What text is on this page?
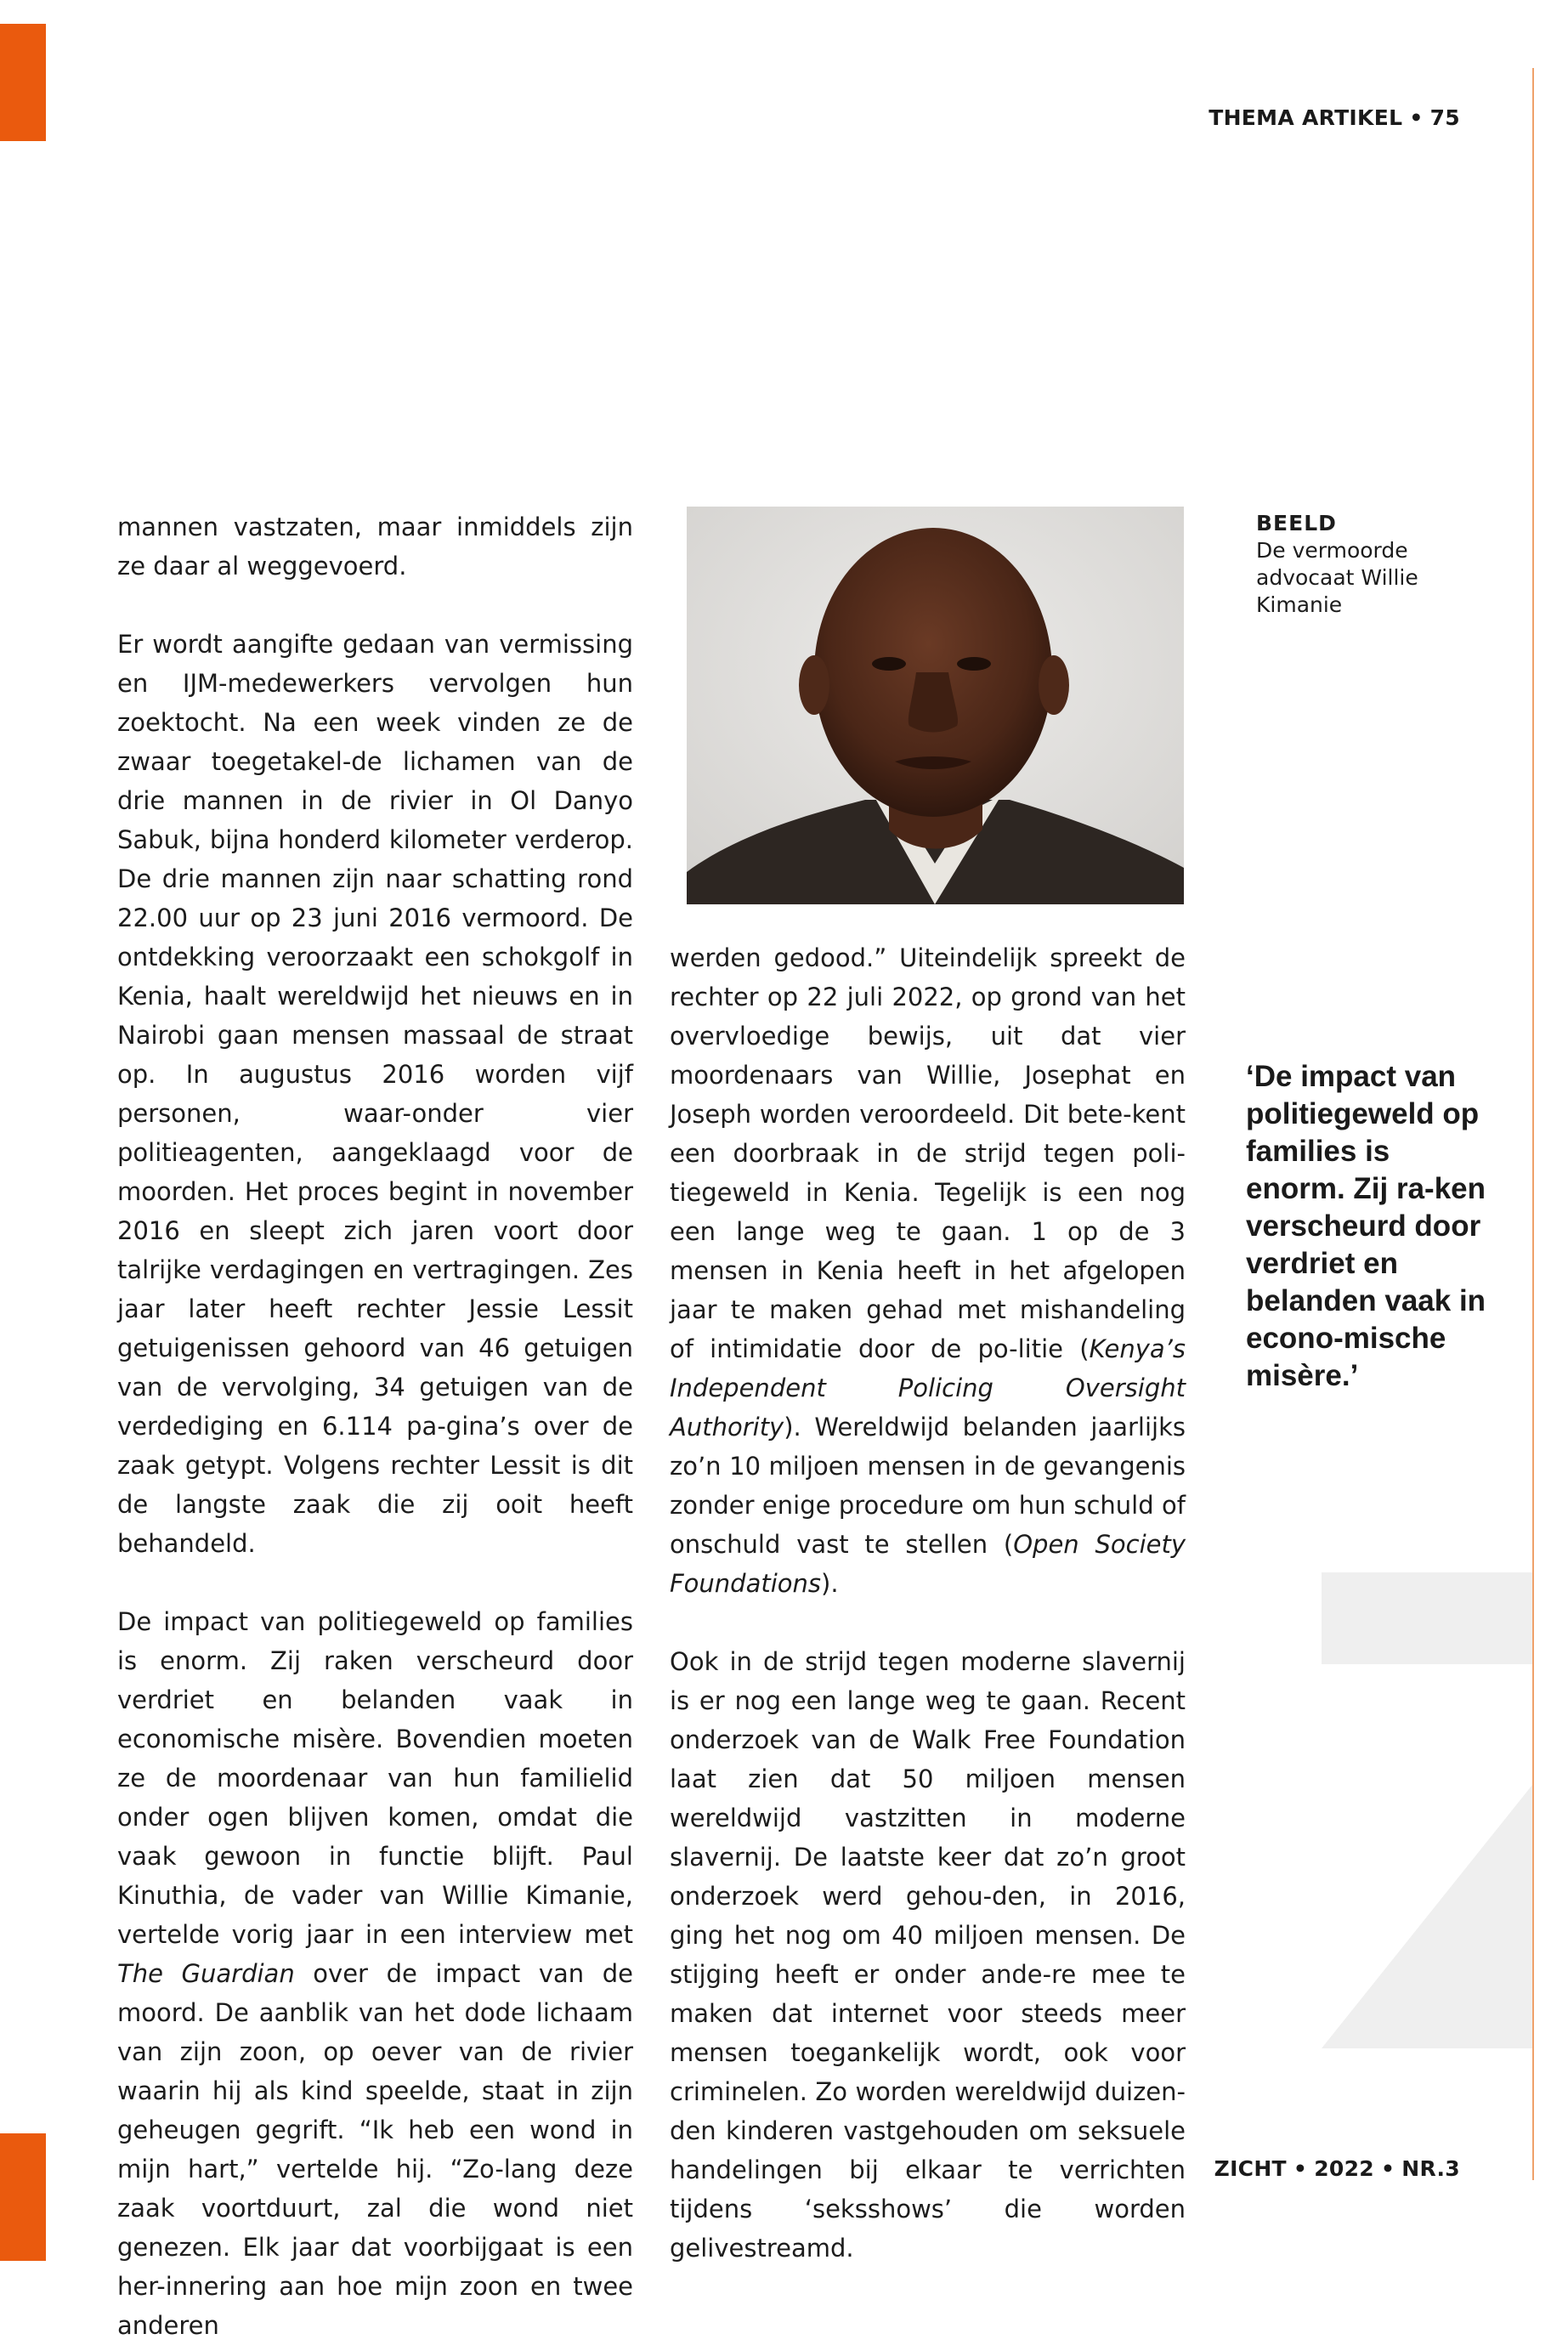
THEMA ARTIKEL • 75

mannen vastzaten, maar inmiddels zijn ze daar al weggevoerd.

Er wordt aangifte gedaan van vermissing en IJM-medewerkers vervolgen hun zoektocht. Na een week vinden ze de zwaar toegetakel-de lichamen van de drie mannen in de rivier in Ol Danyo Sabuk, bijna honderd kilometer verderop. De drie mannen zijn naar schatting rond 22.00 uur op 23 juni 2016 vermoord. De ontdekking veroorzaakt een schokgolf in Kenia, haalt wereldwijd het nieuws en in Nairobi gaan mensen massaal de straat op. In augustus 2016 worden vijf personen, waar-onder vier politieagenten, aangeklaagd voor de moorden. Het proces begint in november 2016 en sleept zich jaren voort door talrijke verdagingen en vertragingen. Zes jaar later heeft rechter Jessie Lessit getuigenissen gehoord van 46 getuigen van de vervolging, 34 getuigen van de verdediging en 6.114 pa-gina’s over de zaak getypt. Volgens rechter Lessit is dit de langste zaak die zij ooit heeft behandeld.

De impact van politiegeweld op families is enorm. Zij raken verscheurd door verdriet en belanden vaak in economische misère. Bovendien moeten ze de moordenaar van hun familielid onder ogen blijven komen, omdat die vaak gewoon in functie blijft. Paul Kinuthia, de vader van Willie Kimanie, vertelde vorig jaar in een interview met The Guardian over de impact van de moord. De aanblik van het dode lichaam van zijn zoon, op oever van de rivier waarin hij als kind speelde, staat in zijn geheugen gegrift. “Ik heb een wond in mijn hart,” vertelde hij. “Zo-lang deze zaak voortduurt, zal die wond niet genezen. Elk jaar dat voorbijgaat is een her-innering aan hoe mijn zoon en twee anderen

BEELD
De vermoorde advocaat Willie Kimanie

werden gedood.” Uiteindelijk spreekt de rechter op 22 juli 2022, op grond van het overvloedige bewijs, uit dat vier moordenaars van Willie, Josephat en Joseph worden veroordeeld. Dit bete-kent een doorbraak in de strijd tegen poli-tiegeweld in Kenia. Tegelijk is een nog een lange weg te gaan. 1 op de 3 mensen in Kenia heeft in het afgelopen jaar te maken gehad met mishandeling of intimidatie door de po-litie (Kenya’s Independent Policing Oversight Authority). Wereldwijd belanden jaarlijks zo’n 10 miljoen mensen in de gevangenis zonder enige procedure om hun schuld of onschuld vast te stellen (Open Society Foundations).

Ook in de strijd tegen moderne slavernij is er nog een lange weg te gaan. Recent onderzoek van de Walk Free Foundation laat zien dat 50 miljoen mensen wereldwijd vastzitten in moderne slavernij. De laatste keer dat zo’n groot onderzoek werd gehou-den, in 2016, ging het nog om 40 miljoen mensen. De stijging heeft er onder ande-re mee te maken dat internet voor steeds meer mensen toegankelijk wordt, ook voor criminelen. Zo worden wereldwijd duizen-den kinderen vastgehouden om seksuele handelingen bij elkaar te verrichten tijdens ‘seksshows’ die worden gelivestreamd.

‘De impact van politiegeweld op families is enorm. Zij ra-ken verscheurd door verdriet en belanden vaak in econo-mische misère.’
ZICHT • 2022 • NR.3
